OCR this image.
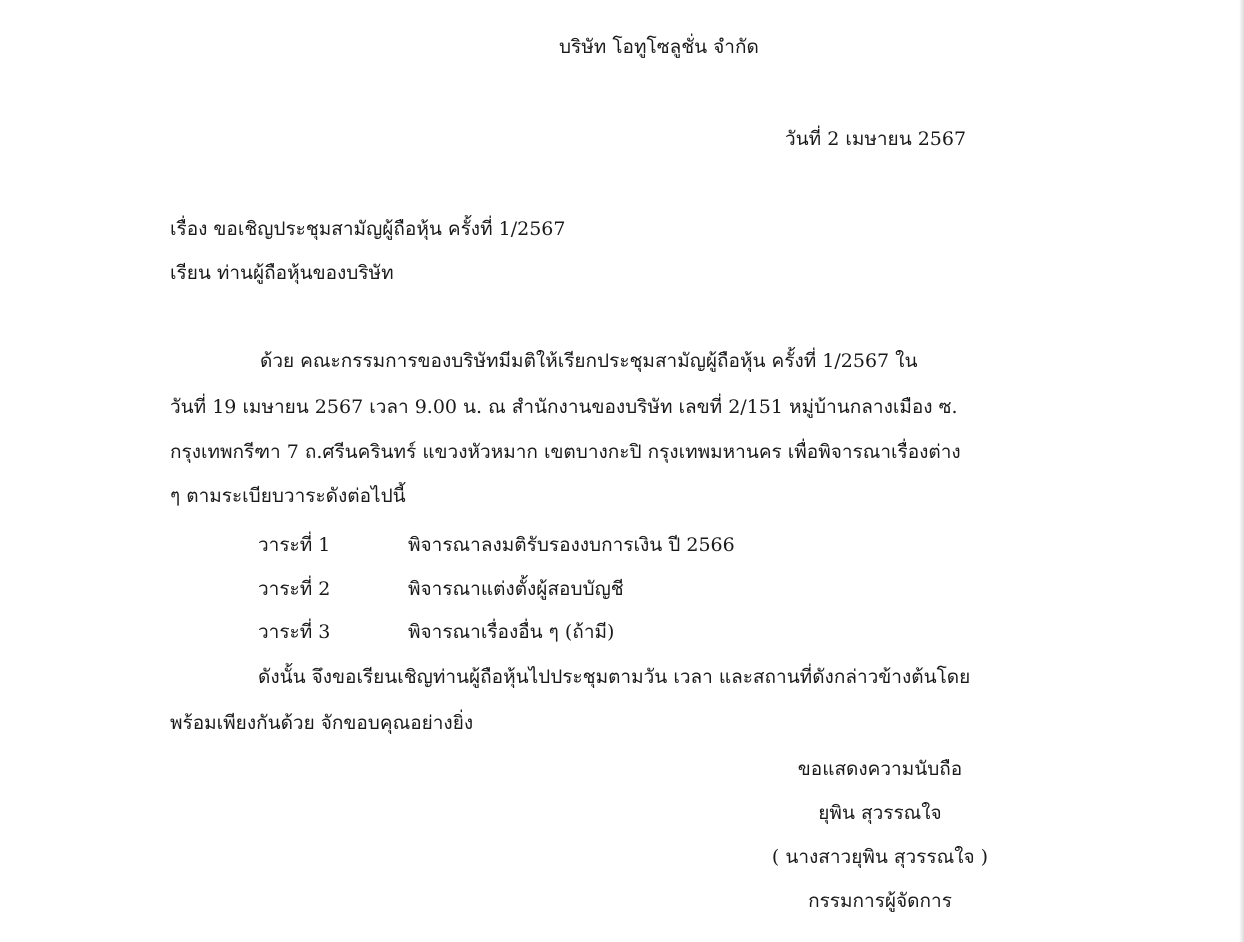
บริษัท โอทูโซลูชั่น จำกัด
วันที่ 2 เมษายน 2567
เรื่อง ขอเชิญประชุมสามัญผู้ถือหุ้น ครั้งที่ 1/2567
เรียน ท่านผู้ถือหุ้นของบริษัท
ด้วย คณะกรรมการของบริษัทมีมติให้เรียกประชุมสามัญผู้ถือหุ้น ครั้งที่ 1/2567 ใน
วันที่ 19 เมษายน 2567 เวลา 9.00 น. ณ สำนักงานของบริษัท เลขที่ 2/151 หมู่บ้านกลางเมือง ซ.
กรุงเทพกรีฑา 7 ถ.ศรีนครินทร์ แขวงหัวหมาก เขตบางกะปิ กรุงเทพมหานคร เพื่อพิจารณาเรื่องต่าง
ๆ ตามระเบียบวาระดังต่อไปนี้
วาระที่ 1	พิจารณาลงมติรับรองงบการเงิน ปี 2566
วาระที่ 2	พิจารณาแต่งตั้งผู้สอบบัญชี
วาระที่ 3	พิจารณาเรื่องอื่น ๆ (ถ้ามี)
ดังนั้น จึงขอเรียนเชิญท่านผู้ถือหุ้นไปประชุมตามวัน เวลา และสถานที่ดังกล่าวข้างต้นโดย
พร้อมเพียงกันด้วย จักขอบคุณอย่างยิ่ง
ขอแสดงความนับถือ
ยุพิน สุวรรณใจ
( นางสาวยุพิน สุวรรณใจ )
กรรมการผู้จัดการ
